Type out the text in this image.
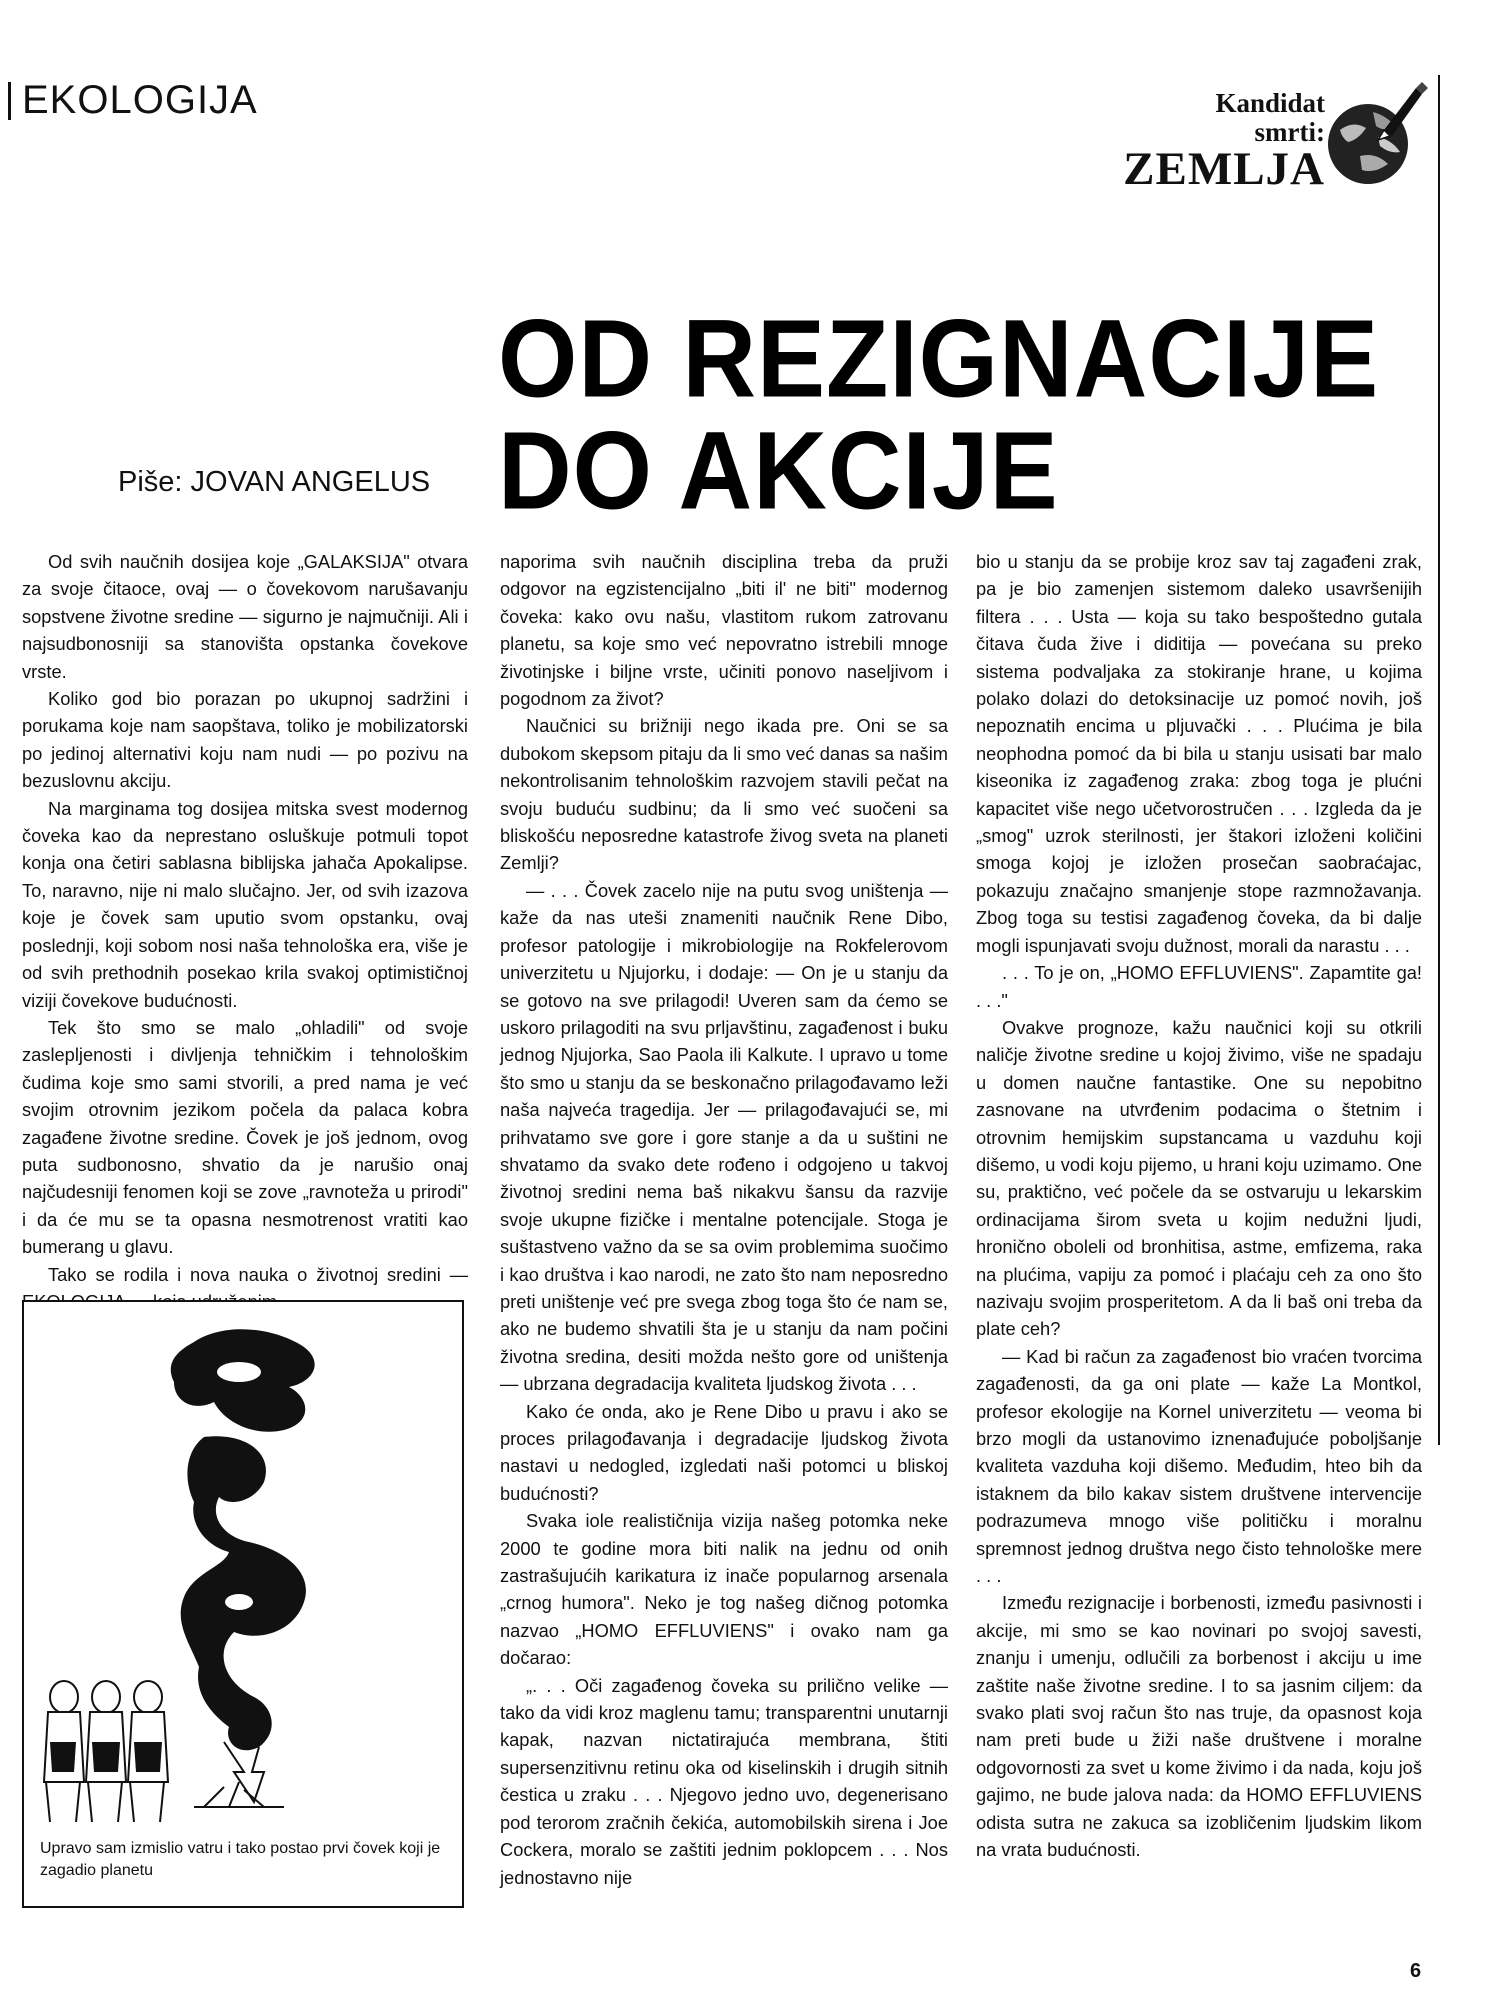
EKOLOGIJA	Kandidat
smrti:
ZEMLJA
OD REZIGNACIJE
DO AKCIJE
Piše: JOVAN ANGELUS

Od svih naučnih dosijea koje „GALAKSIJA" otvara za svoje čitaoce, ovaj — o čovekovom narušavanju sopstvene životne sredine — sigurno je najmučniji. Ali i najsudbonosniji sa stanovišta opstanka čovekove vrste.

Koliko god bio porazan po ukupnoj sadržini i porukama koje nam saopštava, toliko je mobilizatorski po jedinoj alternativi koju nam nudi — po pozivu na bezuslovnu akciju.

Na marginama tog dosijea mitska svest modernog čoveka kao da neprestano osluškuje potmuli topot konja ona četiri sablasna biblijska jahača Apokalipse. To, naravno, nije ni malo slučajno. Jer, od svih izazova koje je čovek sam uputio svom opstanku, ovaj poslednji, koji sobom nosi naša tehnološka era, više je od svih prethodnih posekao krila svakoj optimističnoj viziji čovekove budućnosti.

Tek što smo se malo „ohladili" od svoje zaslepljenosti i divljenja tehničkim i tehnološkim čudima koje smo sami stvorili, a pred nama je već svojim otrovnim jezikom počela da palaca kobra zagađene životne sredine. Čovek je još jednom, ovog puta sudbonosno, shvatio da je narušio onaj najčudesniji fenomen koji se zove „ravnoteža u prirodi" i da će mu se ta opasna nesmotrenost vratiti kao bumerang u glavu.

Tako se rodila i nova nauka o životnoj sredini —

Upravo sam izmislio vatru i tako postao prvi čovek koji je zagadio planetu

naporima svih naučnih disciplina treba da pruži odgovor na egzistencijalno „biti il' ne biti" modernog čoveka: kako ovu našu, vlastitom rukom zatrovanu planetu, sa koje smo već nepovratno istrebili mnoge životinjske i biljne vrste, učiniti ponovo naseljivom i pogodnom za život?

Naučnici su brižniji nego ikada pre. Oni se sa dubokom skepsom pitaju da li smo već danas sa našim nekontrolisanim tehnološkim razvojem stavili pečat na svoju buduću sudbinu; da li smo već suočeni sa bliskošću neposredne katastrofe živog sveta na planeti Zemlji?

— . . . Čovek zacelo nije na putu svog uništenja — kaže da nas uteši znameniti naučnik Rene Dibo, profesor patologije i mikrobiologije na Rokfelerovom univerzitetu u Njujorku, i dodaje: — On je u stanju da se gotovo na sve prilagodi! Uveren sam da ćemo se uskoro prilagoditi na svu prljavštinu, zagađenost i buku jednog Njujorka, Sao Paola ili Kalkute. I upravo u tome što smo u stanju da se beskonačno prilagođavamo leži naša najveća tragedija. Jer — prilagođavajući se, mi prihvatamo sve gore i gore stanje a da u suštini ne shvatamo da svako dete rođeno i odgojeno u takvoj životnoj sredini nema baš nikakvu šansu da razvije svoje ukupne fizičke i mentalne potencijale. Stoga je suštastveno važno da se sa ovim problemima suočimo i kao društva i kao narodi, ne zato što nam neposredno preti uništenje već pre svega zbog toga što će nam se, ako ne budemo shvatili šta je u stanju da nam počini životna sredina, desiti možda nešto gore od uništenja — ubrzana degradacija kvaliteta ljudskog života . . .

Kako će onda, ako je Rene Dibo u pravu i ako se proces prilagođavanja i degradacije ljudskog života nastavi u nedogled, izgledati naši potomci u bliskoj budućnosti?

Svaka iole realističnija vizija našeg potomka neke 2000 te godine mora biti nalik na jednu od onih zastrašujućih karikatura iz inače popularnog arsenala „crnog humora". Neko je tog našeg dičnog potomka nazvao „HOMO EFFLUVIENS" i ovako nam ga dočarao:

„. . . Oči zagađenog čoveka su prilično velike — tako da vidi kroz maglenu tamu; transparentni unutarnji kapak, nazvan nictatirajuća membrana, štiti supersenzitivnu retinu oka od kiselinskih i drugih sitnih čestica u zraku . . . Njegovo jedno uvo, degenerisano pod terorom zračnih čekića, automobilskih sirena i Joe Cockera, moralo se zaštiti jednim poklopcem . . . Nos jednostavno nije

bio u stanju da se probije kroz sav taj zagađeni zrak, pa je bio zamenjen sistemom daleko usavršenijih filtera . . . Usta — koja su tako bespoštedno gutala čitava čuda žive i diditija — povećana su preko sistema podvaljaka za stokiranje hrane, u kojima polako dolazi do detoksinacije uz pomoć novih, još nepoznatih encima u pljuvački . . . Plućima je bila neophodna pomoć da bi bila u stanju usisati bar malo kiseonika iz zagađenog zraka: zbog toga je plućni kapacitet više nego učetvorostručen . . . Izgleda da je „smog" uzrok sterilnosti, jer štakori izloženi količini smoga kojoj je izložen prosečan saobraćajac, pokazuju značajno smanjenje stope razmnožavanja. Zbog toga su testisi zagađenog čoveka, da bi dalje mogli ispunjavati svoju dužnost, morali da narastu . . .

. . . To je on, „HOMO EFFLUVIENS". Zapamtite ga! . . ."

Ovakve prognoze, kažu naučnici koji su otkrili naličje životne sredine u kojoj živimo, više ne spadaju u domen naučne fantastike. One su nepobitno zasnovane na utvrđenim podacima o štetnim i otrovnim hemijskim supstancama u vazduhu koji dišemo, u vodi koju pijemo, u hrani koju uzimamo. One su, praktično, već počele da se ostvaruju u lekarskim ordinacijama širom sveta u kojim nedužni ljudi, hronično oboleli od bronhitisa, astme, emfizema, raka na plućima, vapiju za pomoć i plaćaju ceh za ono što nazivaju svojim prosperitetom. A da li baš oni treba da plate ceh?

— Kad bi račun za zagađenost bio vraćen tvorcima zagađenosti, da ga oni plate — kaže La Montkol, profesor ekologije na Kornel univerzitetu — veoma bi brzo mogli da ustanovimo iznenađujuće poboljšanje kvaliteta vazduha koji dišemo. Međudim, hteo bih da istaknem da bilo kakav sistem društvene intervencije podrazumeva mnogo više političku i moralnu spremnost jednog društva nego čisto tehnološke mere . . .

Između rezignacije i borbenosti, između pasivnosti i akcije, mi smo se kao novinari po svojoj savesti, znanju i umenju, odlučili za borbenost i akciju u ime zaštite naše životne sredine. I to sa jasnim ciljem: da svako plati svoj račun što nas truje, da opasnost koja nam preti bude u žiži naše društvene i moralne odgovornosti za svet u kome živimo i da nada, koju još gajimo, ne bude jalova nada: da HOMO EFFLUVIENS odista sutra ne zakuca sa izobličenim ljudskim likom na vrata budućnosti.

6
